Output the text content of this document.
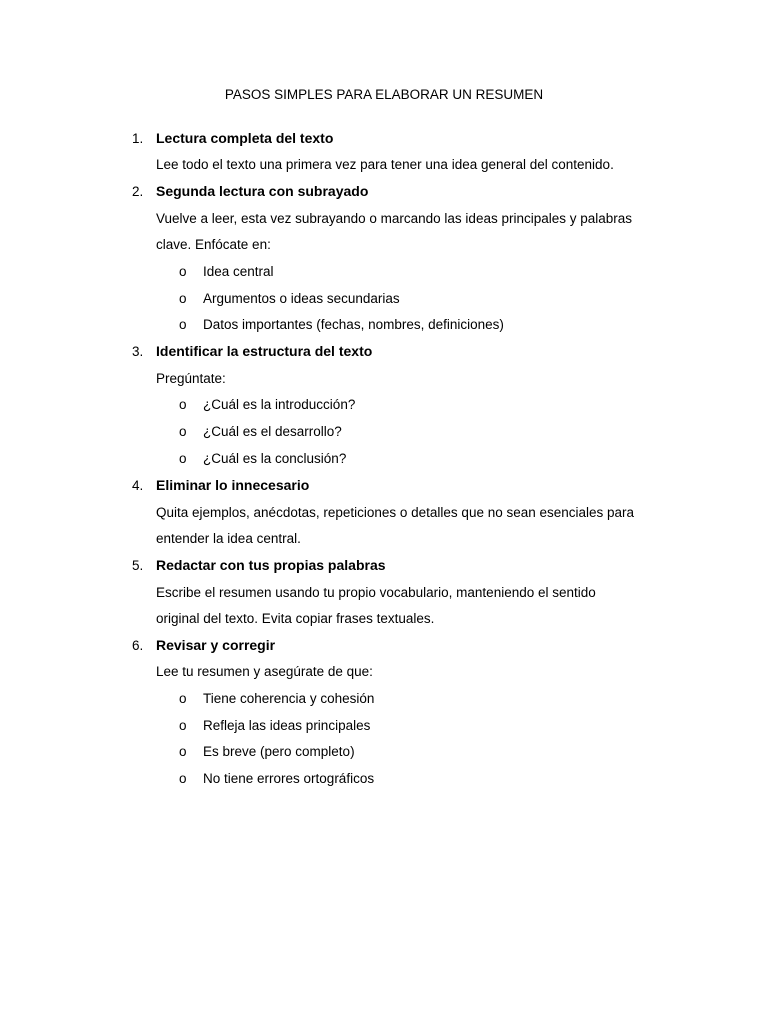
PASOS SIMPLES PARA ELABORAR UN RESUMEN
1. Lectura completa del texto
Lee todo el texto una primera vez para tener una idea general del contenido.
2. Segunda lectura con subrayado
Vuelve a leer, esta vez subrayando o marcando las ideas principales y palabras
clave. Enfócate en:
o Idea central
o Argumentos o ideas secundarias
o Datos importantes (fechas, nombres, definiciones)
3. Identificar la estructura del texto
Pregúntate:
o ¿Cuál es la introducción?
o ¿Cuál es el desarrollo?
o ¿Cuál es la conclusión?
4. Eliminar lo innecesario
Quita ejemplos, anécdotas, repeticiones o detalles que no sean esenciales para
entender la idea central.
5. Redactar con tus propias palabras
Escribe el resumen usando tu propio vocabulario, manteniendo el sentido
original del texto. Evita copiar frases textuales.
6. Revisar y corregir
Lee tu resumen y asegúrate de que:
o Tiene coherencia y cohesión
o Refleja las ideas principales
o Es breve (pero completo)
o No tiene errores ortográficos
